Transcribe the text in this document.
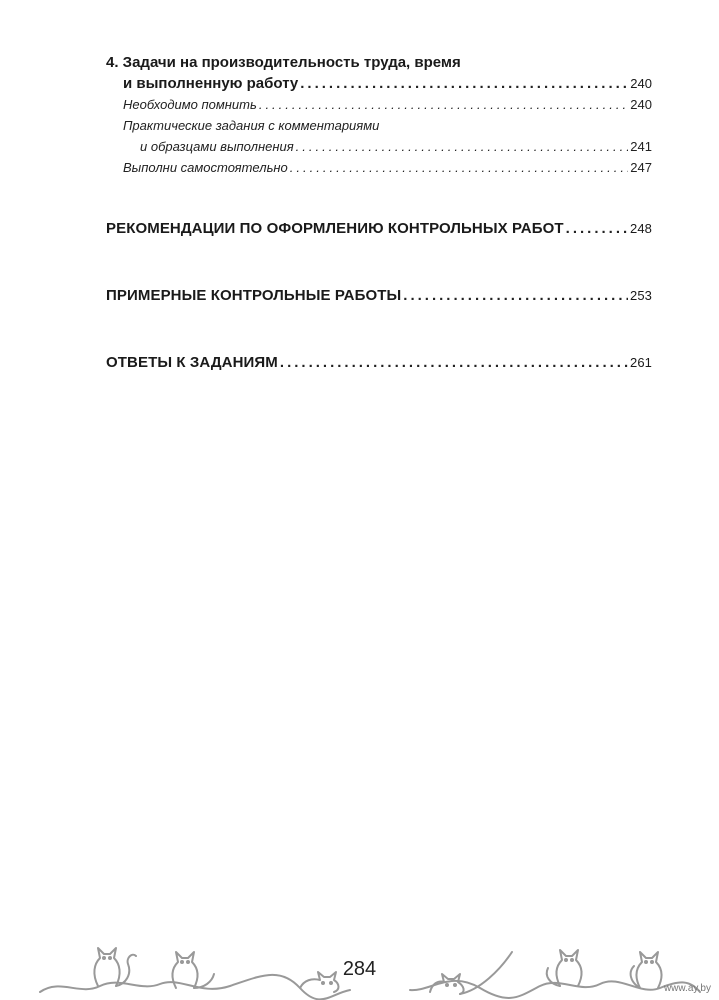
4. Задачи на производительность труда, время
и выполненную работу .....	240
Необходимо помнить .....	240
Практические задания с комментариями
и образцами выполнения .....	241
Выполни самостоятельно .....	247
РЕКОМЕНДАЦИИ ПО ОФОРМЛЕНИЮ КОНТРОЛЬНЫХ РАБОТ .....	248
ПРИМЕРНЫЕ КОНТРОЛЬНЫЕ РАБОТЫ .....	253
ОТВЕТЫ К ЗАДАНИЯМ .....	261
284
www.ay.by
